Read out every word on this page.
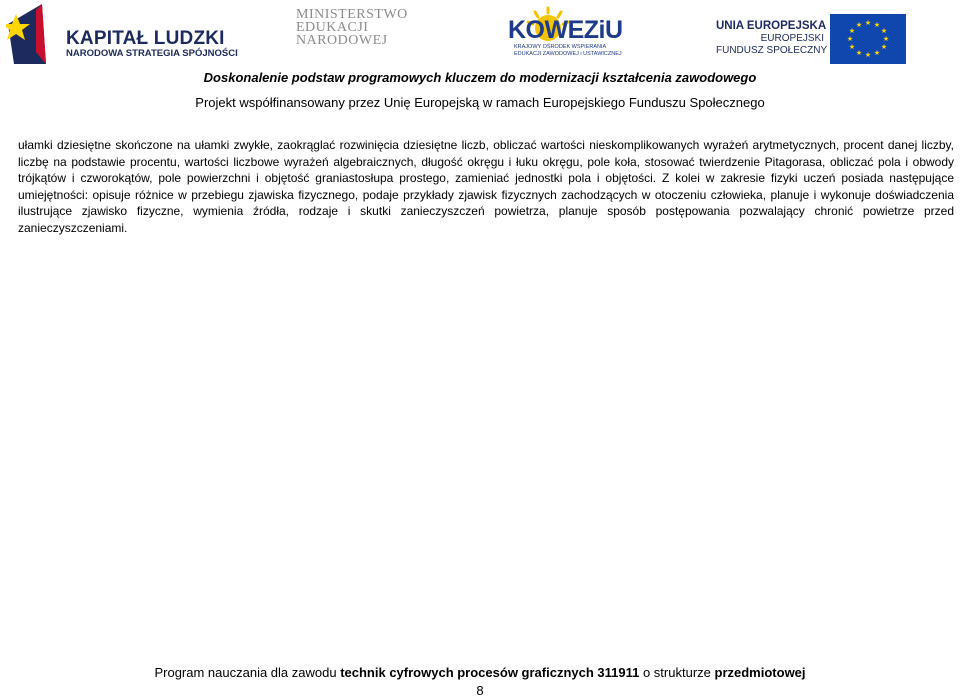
KAPITAŁ LUDZKI
NARODOWA STRATEGIA SPÓJNOŚCI
MINISTERSTWO
EDUKACJI
NARODOWEJ	KOWEZiU
KRAJOWY OŚRODEK WSPIERANIA
EDUKACJI ZAWODOWEJ i USTAWICZNEJ
UNIA EUROPEJSKA
EUROPEJSKI
FUNDUSZ SPOŁECZNY
★ ★
★
★
★
★
★
★
★
★
★
★
Doskonalenie podstaw programowych kluczem do modernizacji kształcenia zawodowego
Projekt współfinansowany przez Unię Europejską w ramach Europejskiego Funduszu Społecznego
ułamki dziesiętne skończone na ułamki zwykłe, zaokrąglać rozwinięcia dziesiętne liczb, obliczać wartości nieskomplikowanych wyrażeń arytmetycznych, procent danej liczby, liczbę na podstawie procentu, wartości liczbowe wyrażeń algebraicznych, długość okręgu i łuku okręgu, pole koła, stosować twierdzenie Pitagorasa, obliczać pola i obwody trójkątów i czworokątów, pole powierzchni i objętość graniastosłupa prostego, zamieniać jednostki pola i objętości. Z kolei w zakresie fizyki uczeń posiada następujące umiejętności: opisuje różnice w przebiegu zjawiska fizycznego, podaje przykłady zjawisk fizycznych zachodzących w otoczeniu człowieka, planuje i wykonuje doświadczenia ilustrujące zjawisko fizyczne, wymienia źródła, rodzaje i skutki zanieczyszczeń powietrza, planuje sposób postępowania pozwalający chronić powietrze przed zanieczyszczeniami.
Program nauczania dla zawodu technik cyfrowych procesów graficznych 311911 o strukturze przedmiotowej
8
